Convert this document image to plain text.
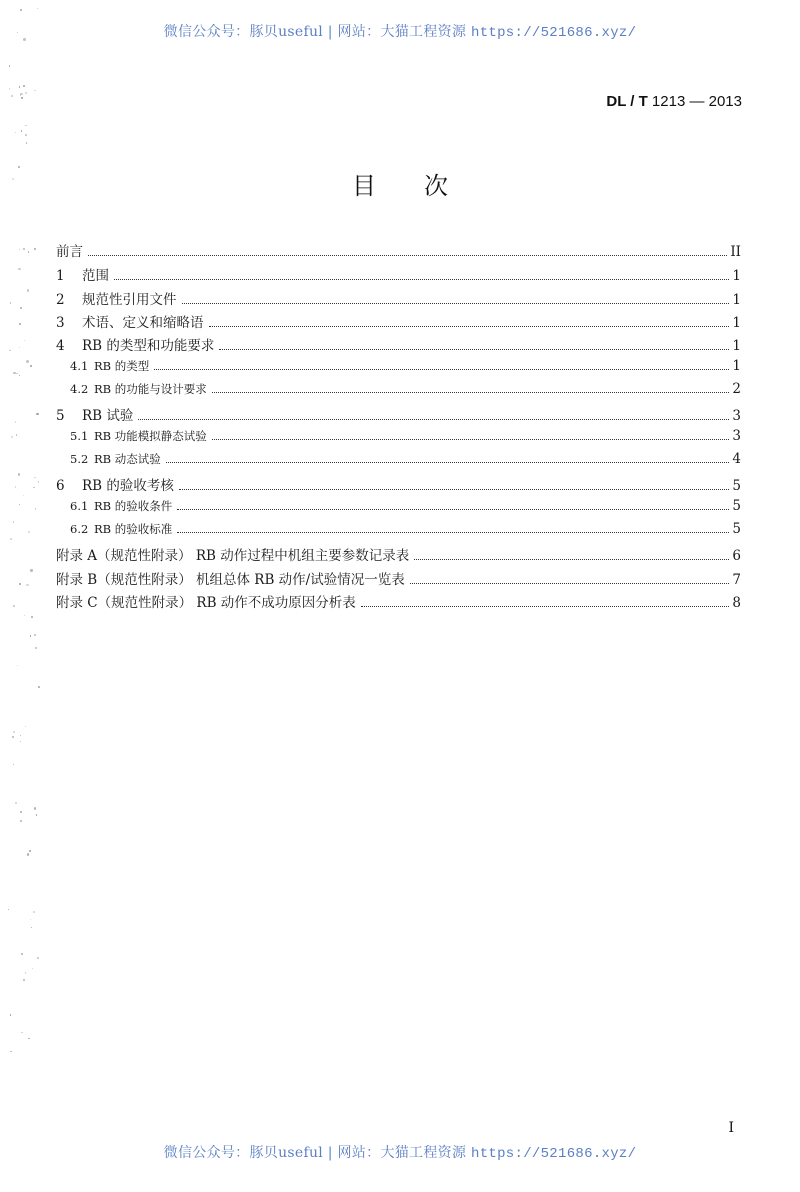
微信公众号：豚贝useful | 网站：大猫工程资源 https://521686.xyz/
DL / T 1213 — 2013
目 次
前言	II
1 范围	1
2 规范性引用文件	1
3 术语、定义和缩略语	1
4 RB 的类型和功能要求	1
4.1 RB 的类型	1
4.2 RB 的功能与设计要求	2
5 RB 试验	3
5.1 RB 功能模拟静态试验	3
5.2 RB 动态试验	4
6 RB 的验收考核	5
6.1 RB 的验收条件	5
6.2 RB 的验收标准	5
附录 A（规范性附录） RB 动作过程中机组主要参数记录表	6
附录 B（规范性附录） 机组总体 RB 动作/试验情况一览表	7
附录 C（规范性附录） RB 动作不成功原因分析表	8
I
微信公众号：豚贝useful | 网站：大猫工程资源 https://521686.xyz/
